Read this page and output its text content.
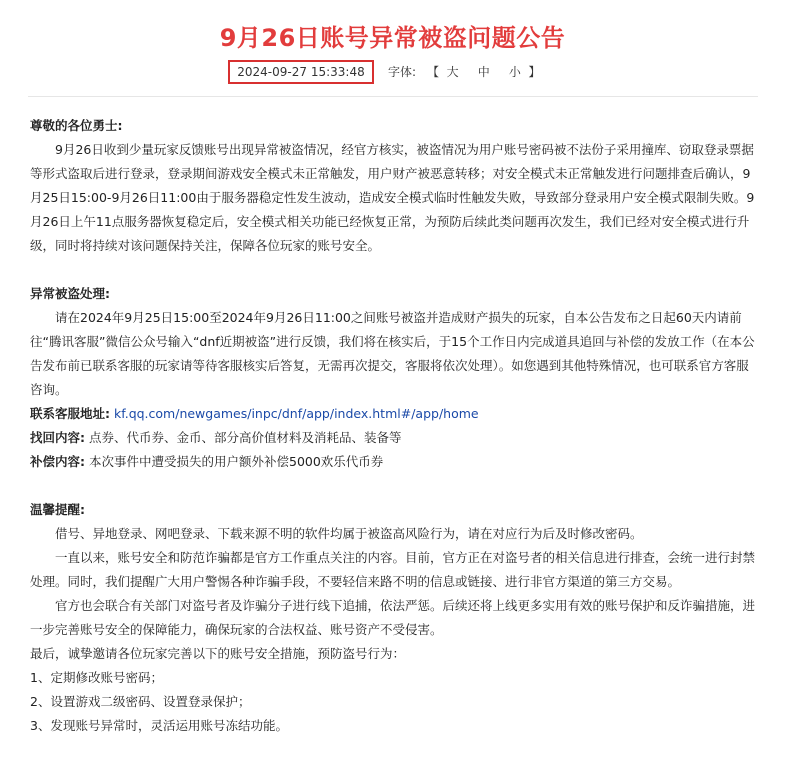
9月26日账号异常被盗问题公告
2024-09-27 15:33:48	字体: 【 大 中 小 】

尊敬的各位勇士:

9月26日收到少量玩家反馈账号出现异常被盗情况，经官方核实，被盗情况为用户账号密码被不法份子采用撞库、窃取登录票据等形式盗取后进行登录，登录期间游戏安全模式未正常触发，用户财产被恶意转移；对安全模式未正常触发进行问题排查后确认，9月25日15:00-9月26日11:00由于服务器稳定性发生波动，造成安全模式临时性触发失败，导致部分登录用户安全模式限制失败。9月26日上午11点服务器恢复稳定后，安全模式相关功能已经恢复正常，为预防后续此类问题再次发生，我们已经对安全模式进行升级，同时将持续对该问题保持关注，保障各位玩家的账号安全。

异常被盗处理:

请在2024年9月25日15:00至2024年9月26日11:00之间账号被盗并造成财产损失的玩家，自本公告发布之日起60天内请前往“腾讯客服”微信公众号输入“dnf近期被盗”进行反馈，我们将在核实后，于15个工作日内完成道具追回与补偿的发放工作（在本公告发布前已联系客服的玩家请等待客服核实后答复，无需再次提交，客服将依次处理）。如您遇到其他特殊情况，也可联系官方客服咨询。

联系客服地址: kf.qq.com/newgames/inpc/dnf/app/index.html#/app/home

找回内容: 点券、代币券、金币、部分高价值材料及消耗品、装备等

补偿内容: 本次事件中遭受损失的用户额外补偿5000欢乐代币券

温馨提醒:

借号、异地登录、网吧登录、下载来源不明的软件均属于被盗高风险行为，请在对应行为后及时修改密码。

一直以来，账号安全和防范诈骗都是官方工作重点关注的内容。目前，官方正在对盗号者的相关信息进行排查，会统一进行封禁处理。同时，我们提醒广大用户警惕各种诈骗手段，不要轻信来路不明的信息或链接、进行非官方渠道的第三方交易。

官方也会联合有关部门对盗号者及诈骗分子进行线下追捕，依法严惩。后续还将上线更多实用有效的账号保护和反诈骗措施，进一步完善账号安全的保障能力，确保玩家的合法权益、账号资产不受侵害。

最后，诚挚邀请各位玩家完善以下的账号安全措施，预防盗号行为：

1、定期修改账号密码；

2、设置游戏二级密码、设置登录保护；

3、发现账号异常时，灵活运用账号冻结功能。
